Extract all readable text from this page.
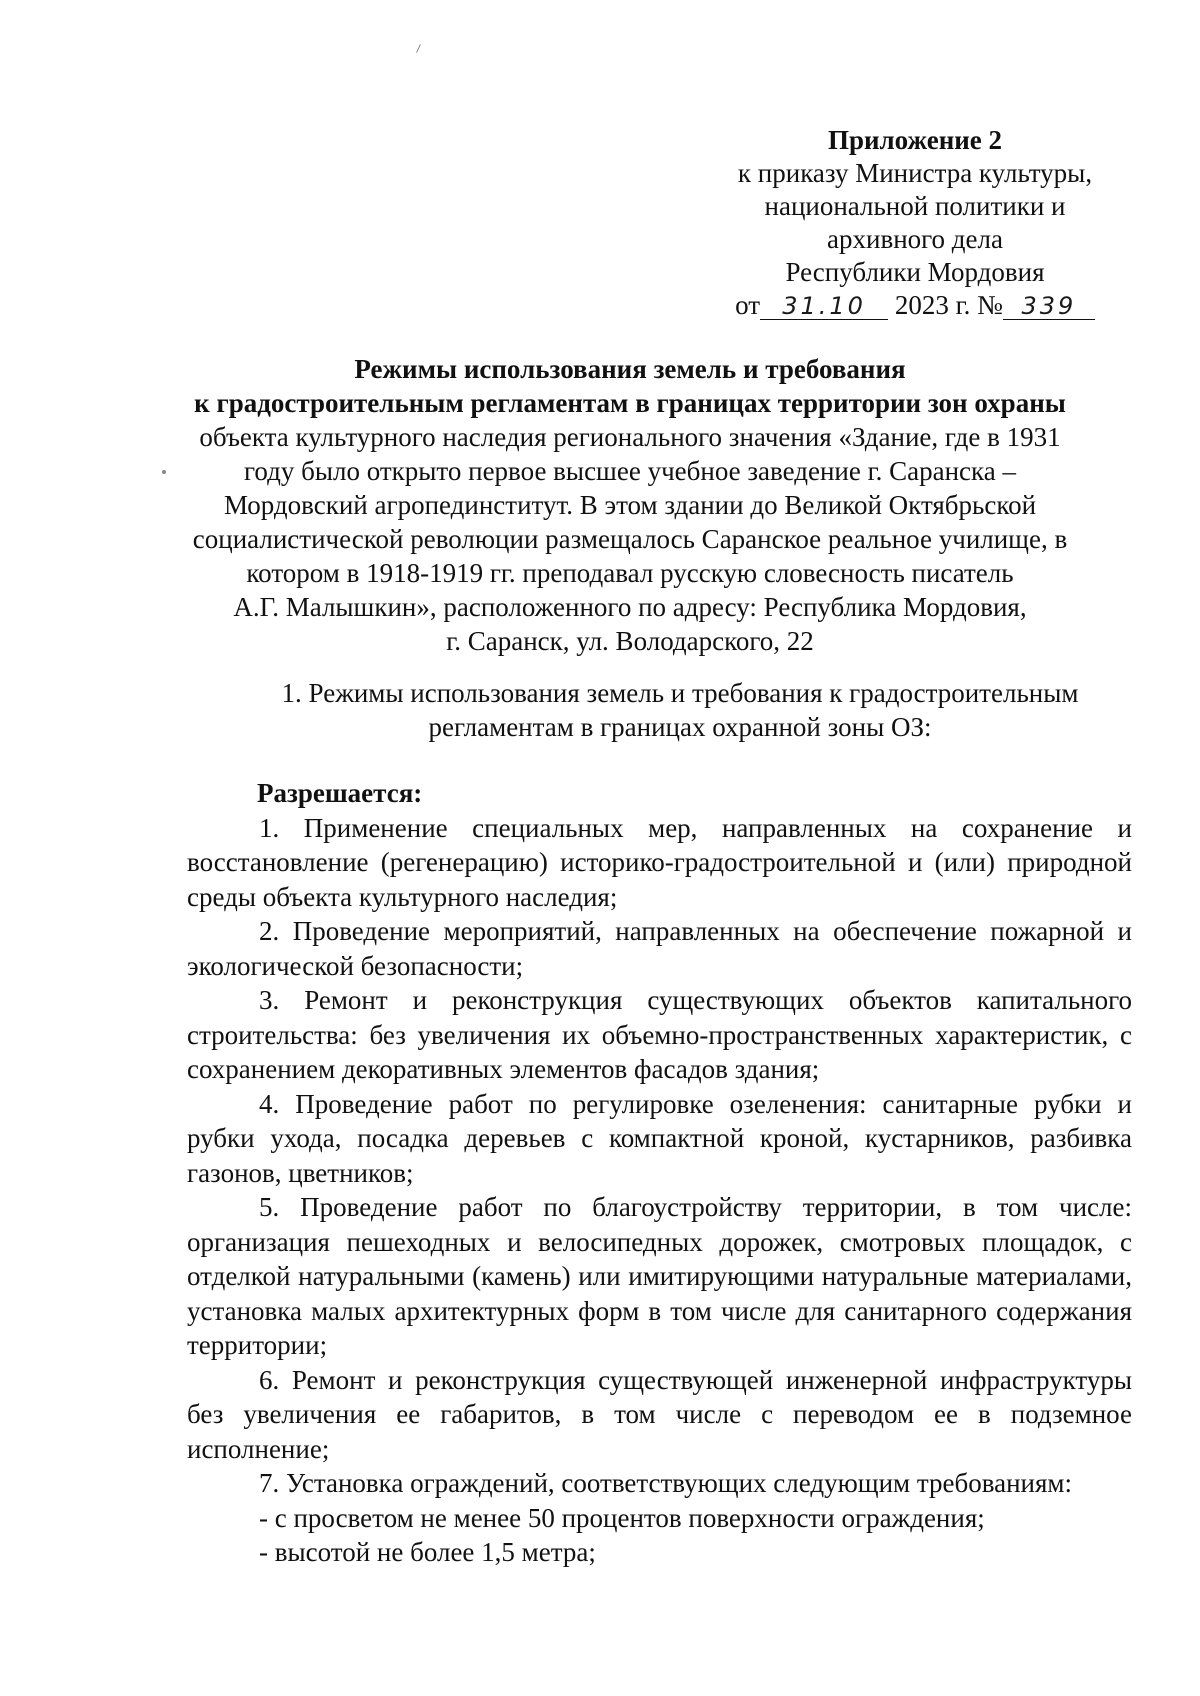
Приложение 2
к приказу Министра культуры,
национальной политики и
архивного дела
Республики Мордовия
от 31.10 2023 г. № 339
Режимы использования земель и требования
к градостроительным регламентам в границах территории зон охраны
объекта культурного наследия регионального значения «Здание, где в 1931
году было открыто первое высшее учебное заведение г. Саранска –
Мордовский агропединститут. В этом здании до Великой Октябрьской
социалистической революции размещалось Саранское реальное училище, в
котором в 1918-1919 гг. преподавал русскую словесность писатель
А.Г. Малышкин», расположенного по адресу: Республика Мордовия,
г. Саранск, ул. Володарского, 22
1. Режимы использования земель и требования к градостроительным
регламентам в границах охранной зоны ОЗ:
Разрешается:

1. Применение специальных мер, направленных на сохранение и восстановление (регенерацию) историко-градостроительной и (или) природной среды объекта культурного наследия;

2. Проведение мероприятий, направленных на обеспечение пожарной и экологической безопасности;

3. Ремонт и реконструкция существующих объектов капитального строительства: без увеличения их объемно-пространственных характеристик, с сохранением декоративных элементов фасадов здания;

4. Проведение работ по регулировке озеленения: санитарные рубки и рубки ухода, посадка деревьев с компактной кроной, кустарников, разбивка газонов, цветников;

5. Проведение работ по благоустройству территории, в том числе: организация пешеходных и велосипедных дорожек, смотровых площадок, с отделкой натуральными (камень) или имитирующими натуральные материалами, установка малых архитектурных форм в том числе для санитарного содержания территории;

6. Ремонт и реконструкция существующей инженерной инфраструктуры без увеличения ее габаритов, в том числе с переводом ее в подземное исполнение;

7. Установка ограждений, соответствующих следующим требованиям:

- с просветом не менее 50 процентов поверхности ограждения;

- высотой не более 1,5 метра;
